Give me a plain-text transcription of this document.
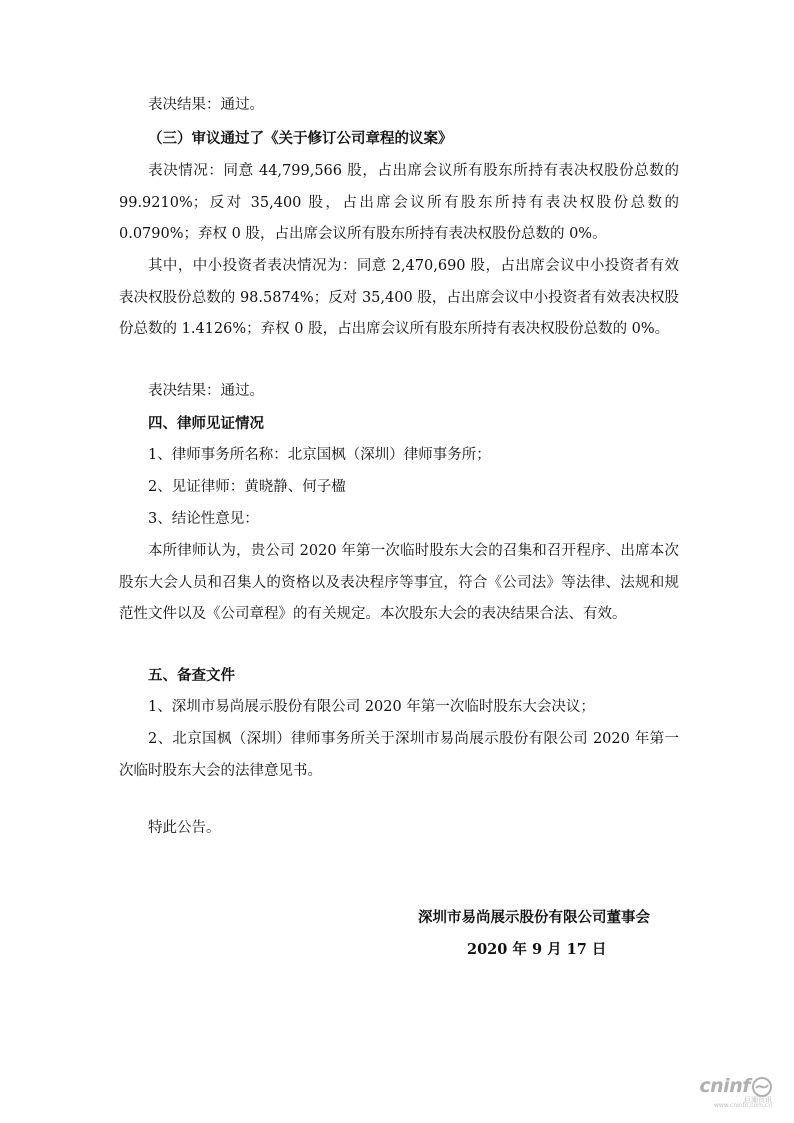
表决结果：通过。

（三）审议通过了《关于修订公司章程的议案》

表决情况：同意 44,799,566 股，占出席会议所有股东所持有表决权股份总数的 99.9210%；反对 35,400 股，占出席会议所有股东所持有表决权股份总数的 0.0790%；弃权 0 股，占出席会议所有股东所持有表决权股份总数的 0%。

其中，中小投资者表决情况为：同意 2,470,690 股，占出席会议中小投资者有效表决权股份总数的 98.5874%；反对 35,400 股，占出席会议中小投资者有效表决权股份总数的 1.4126%；弃权 0 股，占出席会议所有股东所持有表决权股份总数的 0%。

表决结果：通过。

四、律师见证情况

1、律师事务所名称：北京国枫（深圳）律师事务所；

2、见证律师：黄晓静、何子楹

3、结论性意见：

本所律师认为，贵公司 2020 年第一次临时股东大会的召集和召开程序、出席本次股东大会人员和召集人的资格以及表决程序等事宜，符合《公司法》等法律、法规和规范性文件以及《公司章程》的有关规定。本次股东大会的表决结果合法、有效。

五、备查文件

1、深圳市易尚展示股份有限公司 2020 年第一次临时股东大会决议；

2、北京国枫（深圳）律师事务所关于深圳市易尚展示股份有限公司 2020 年第一次临时股东大会的法律意见书。

特此公告。

深圳市易尚展示股份有限公司董事会

2020 年 9 月 17 日

cninf
巨潮资讯
www.cninfo.com.cn
